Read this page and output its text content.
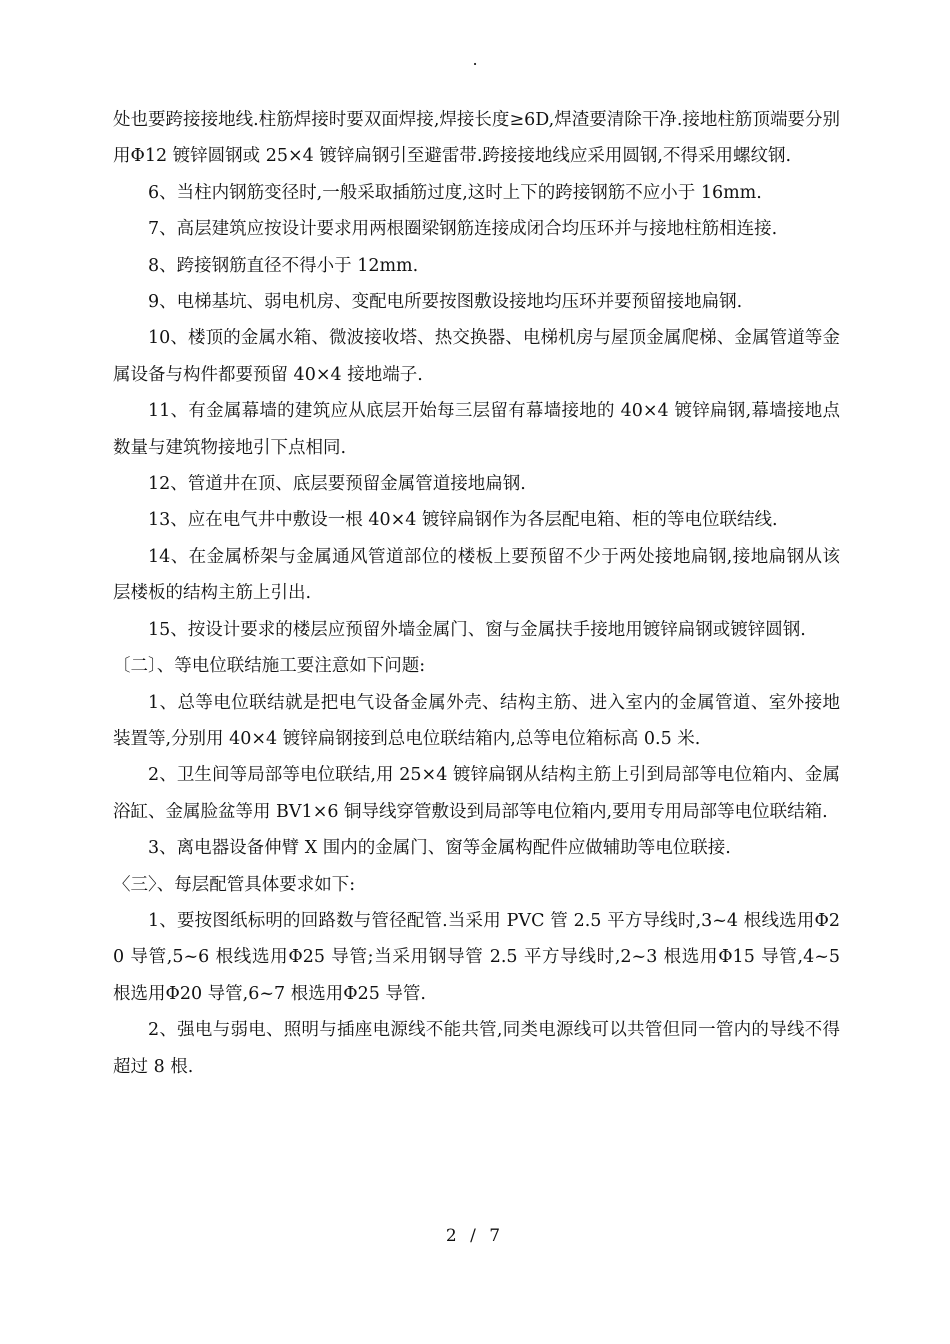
.

处也要跨接接地线.柱筋焊接时要双面焊接,焊接长度≥6D,焊渣要清除干净.接地柱筋顶端要分别用Φ12 镀锌圆钢或 25×4 镀锌扁钢引至避雷带.跨接接地线应采用圆钢,不得采用螺纹钢.

6、当柱内钢筋变径时,一般采取插筋过度,这时上下的跨接钢筋不应小于 16mm.

7、高层建筑应按设计要求用两根圈梁钢筋连接成闭合均压环并与接地柱筋相连接.

8、跨接钢筋直径不得小于 12mm.

9、电梯基坑、弱电机房、变配电所要按图敷设接地均压环并要预留接地扁钢.

10、楼顶的金属水箱、微波接收塔、热交换器、电梯机房与屋顶金属爬梯、金属管道等金属设备与构件都要预留 40×4 接地端子.

11、有金属幕墙的建筑应从底层开始每三层留有幕墙接地的 40×4 镀锌扁钢,幕墙接地点数量与建筑物接地引下点相同.

12、管道井在顶、底层要预留金属管道接地扁钢.

13、应在电气井中敷设一根 40×4 镀锌扁钢作为各层配电箱、柜的等电位联结线.

14、在金属桥架与金属通风管道部位的楼板上要预留不少于两处接地扁钢,接地扁钢从该层楼板的结构主筋上引出.

15、按设计要求的楼层应预留外墙金属门、窗与金属扶手接地用镀锌扁钢或镀锌圆钢.

〔二〕、等电位联结施工要注意如下问题:

1、总等电位联结就是把电气设备金属外壳、结构主筋、进入室内的金属管道、室外接地装置等,分别用 40×4 镀锌扁钢接到总电位联结箱内,总等电位箱标高 0.5 米.

2、卫生间等局部等电位联结,用 25×4 镀锌扁钢从结构主筋上引到局部等电位箱内、金属浴缸、金属脸盆等用 BV1×6 铜导线穿管敷设到局部等电位箱内,要用专用局部等电位联结箱.

3、离电器设备伸臂 X 围内的金属门、窗等金属构配件应做辅助等电位联接.

〈三〉、每层配管具体要求如下:

1、要按图纸标明的回路数与管径配管.当采用 PVC 管 2.5 平方导线时,3~4 根线选用Φ20 导管,5~6 根线选用Φ25 导管;当采用钢导管 2.5 平方导线时,2~3 根选用Φ15 导管,4~5 根选用Φ20 导管,6~7 根选用Φ25 导管.

2、强电与弱电、照明与插座电源线不能共管,同类电源线可以共管但同一管内的导线不得超过 8 根.

2 / 7
